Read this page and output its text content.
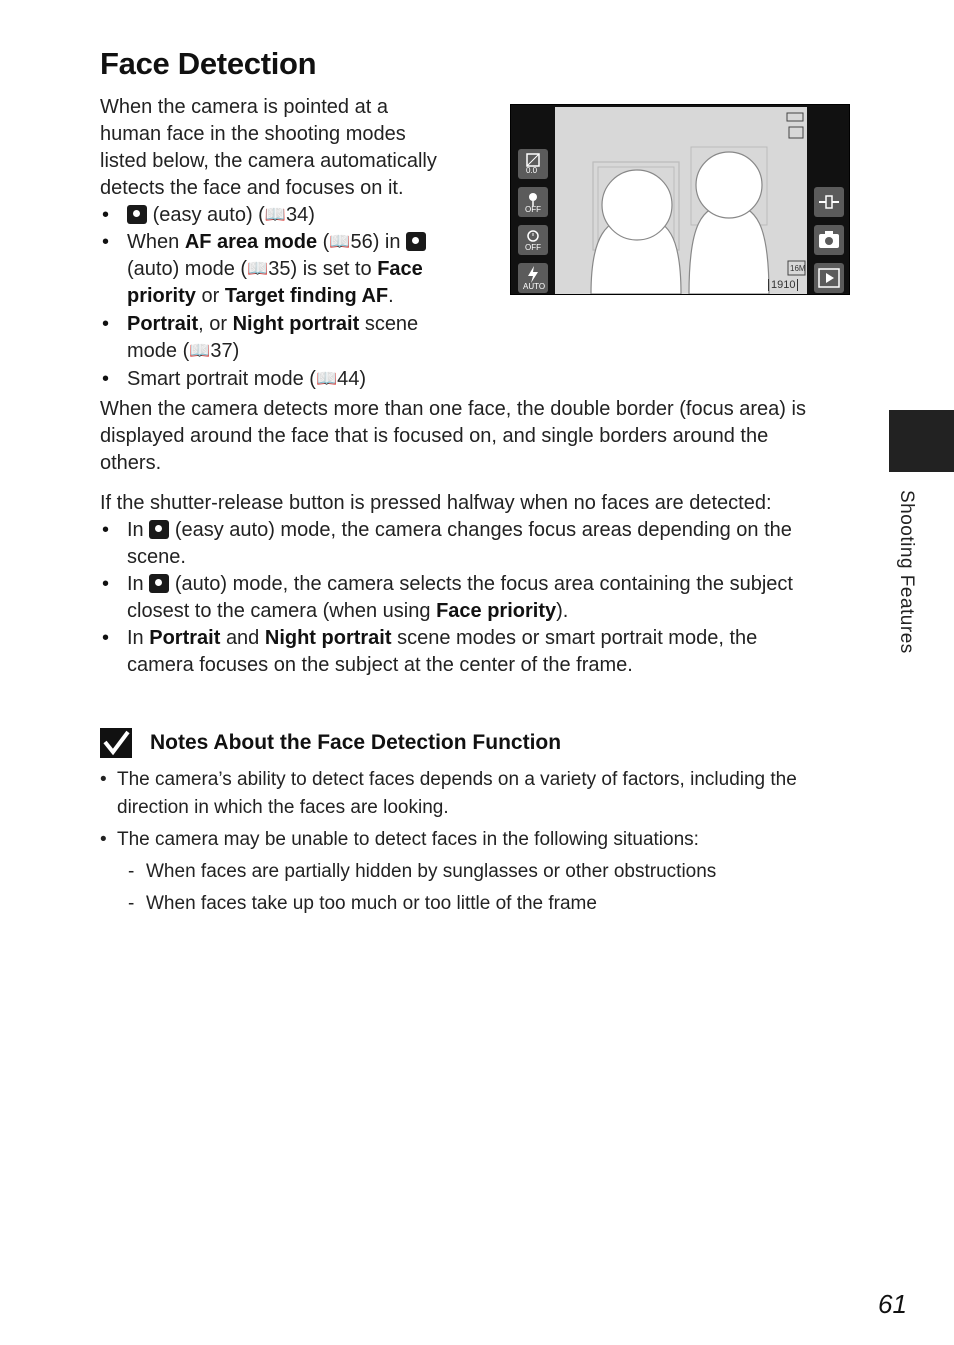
Face Detection
When the camera is pointed at a
human face in the shooting modes
listed below, the camera automatically
detects the face and focuses on it.
• (easy auto) (📖34)
• When AF area mode (📖56) in
(auto) mode (📖35) is set to Face
priority or Target finding AF.
• Portrait, or Night portrait scene
mode (📖37)
• Smart portrait mode (📖44)
0.0
OFF
OFF
AUTO
16M
1910
When the camera detects more than one face, the double border (focus area) is
displayed around the face that is focused on, and single borders around the
others.
If the shutter-release button is pressed halfway when no faces are detected:
• In (easy auto) mode, the camera changes focus areas depending on the
scene.
• In (auto) mode, the camera selects the focus area containing the subject
closest to the camera (when using Face priority).
• In Portrait and Night portrait scene modes or smart portrait mode, the
camera focuses on the subject at the center of the frame.
Notes About the Face Detection Function
• The camera’s ability to detect faces depends on a variety of factors, including the
direction in which the faces are looking.
• The camera may be unable to detect faces in the following situations:
- When faces are partially hidden by sunglasses or other obstructions
- When faces take up too much or too little of the frame
Shooting Features
61
